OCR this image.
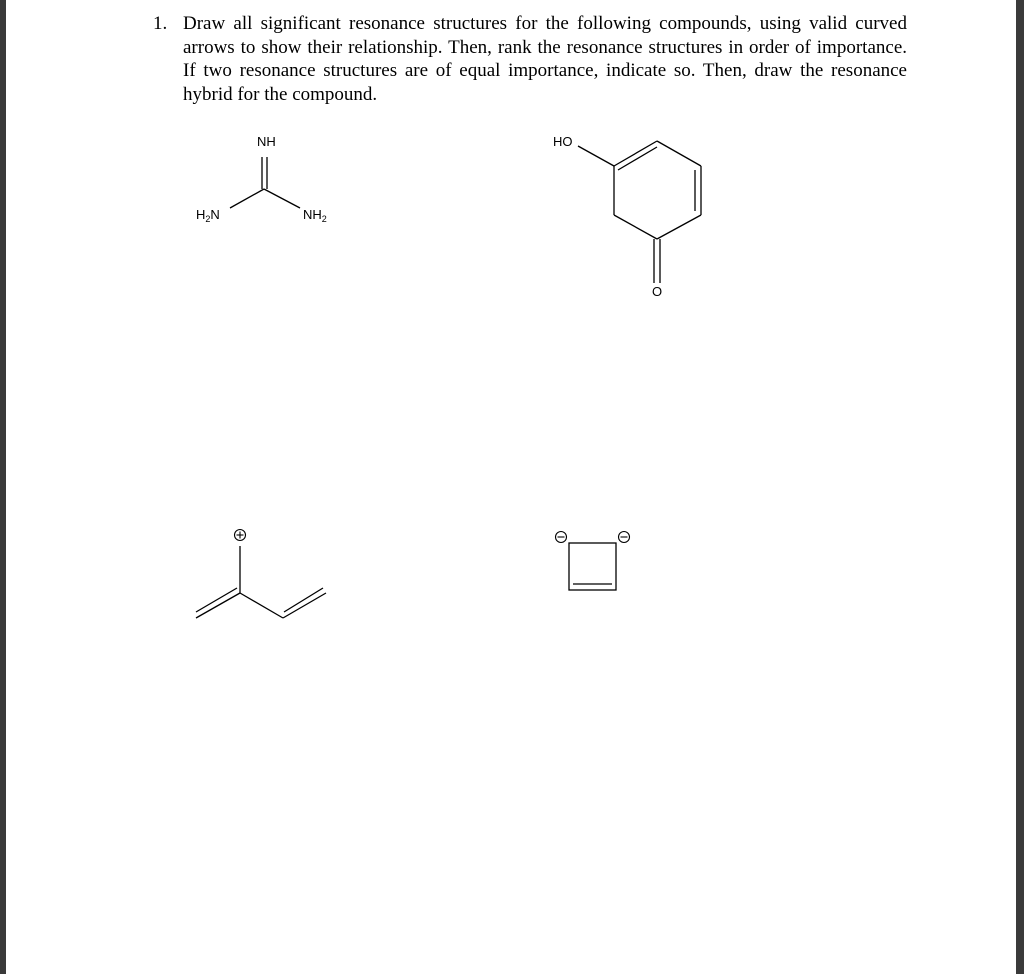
1. Draw all significant resonance structures for the following compounds, using valid curved arrows to show their relationship. Then, rank the resonance structures in order of importance. If two resonance structures are of equal importance, indicate so. Then, draw the resonance hybrid for the compound.
NH
$H_2N$	$NH_2$
HO
O
